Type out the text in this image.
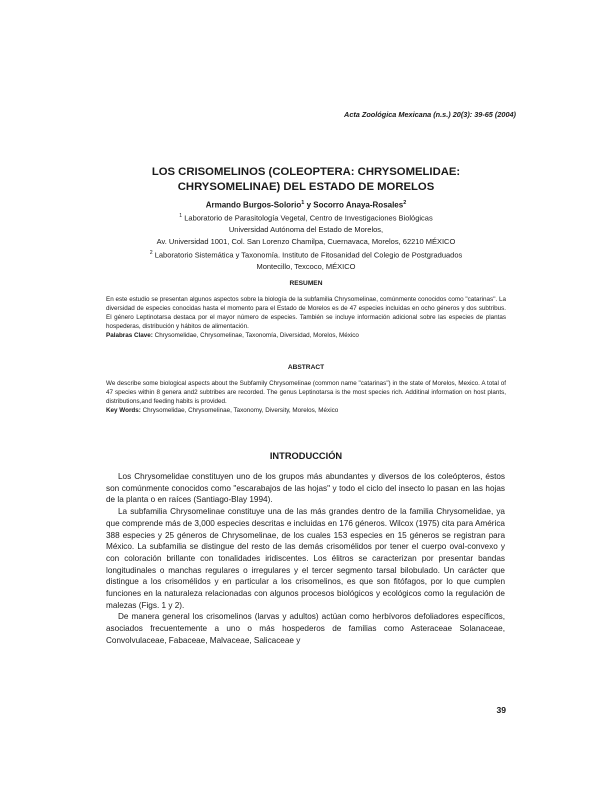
Acta Zoológica Mexicana (n.s.) 20(3): 39-65 (2004)
LOS CRISOMELINOS (COLEOPTERA: CHRYSOMELIDAE:
CHRYSOMELINAE) DEL ESTADO DE MORELOS
Armando Burgos-Solorio$^1$ y Socorro Anaya-Rosales$^2$
$^1$ Laboratorio de Parasitología Vegetal, Centro de Investigaciones Biológicas
Universidad Autónoma del Estado de Morelos,
Av. Universidad 1001, Col. San Lorenzo Chamilpa, Cuernavaca, Morelos, 62210 MÉXICO
$^2$ Laboratorio Sistemática y Taxonomía. Instituto de Fitosanidad del Colegio de Postgraduados
Montecillo, Texcoco, MÉXICO
RESUMEN
En este estudio se presentan algunos aspectos sobre la biología de la subfamilia Chrysomelinae, comúnmente conocidos como "catarinas". La diversidad de especies conocidas hasta el momento para el Estado de Morelos es de 47 especies incluidas en ocho géneros y dos subtribus. El género Leptinotarsa destaca por el mayor número de especies. También se incluye información adicional sobre las especies de plantas hospederas, distribución y hábitos de alimentación.
Palabras Clave: Chrysomelidae, Chrysomelinae, Taxonomía, Diversidad, Morelos, México
ABSTRACT
We describe some biological aspects about the Subfamily Chrysomelinae (common name "catarinas") in the state of Morelos, Mexico. A total of 47 species within 8 genera and2 subtribes are recorded. The genus Leptinotarsa is the most species rich. Additinal information on host plants, distributions,and feeding habits is provided.
Key Words: Chrysomelidae, Chrysomelinae, Taxonomy, Diversity, Morelos, México
INTRODUCCIÓN

Los Chrysomelidae constituyen uno de los grupos más abundantes y diversos de los coleópteros, éstos son comúnmente conocidos como "escarabajos de las hojas" y todo el ciclo del insecto lo pasan en las hojas de la planta o en raíces (Santiago-Blay 1994).

La subfamilia Chrysomelinae constituye una de las más grandes dentro de la familia Chrysomelidae, ya que comprende más de 3,000 especies descritas e incluidas en 176 géneros. Wilcox (1975) cita para América 388 especies y 25 géneros de Chrysomelinae, de los cuales 153 especies en 15 géneros se registran para México. La subfamilia se distingue del resto de las demás crisomélidos por tener el cuerpo oval-convexo y con coloración brillante con tonalidades iridiscentes. Los élitros se caracterizan por presentar bandas longitudinales o manchas regulares o irregulares y el tercer segmento tarsal bilobulado. Un carácter que distingue a los crisomélidos y en particular a los crisomelinos, es que son fitófagos, por lo que cumplen funciones en la naturaleza relacionadas con algunos procesos biológicos y ecológicos como la regulación de malezas (Figs. 1 y 2).

De manera general los crisomelinos (larvas y adultos) actúan como herbívoros defoliadores específicos, asociados frecuentemente a uno o más hospederos de familias como Asteraceae Solanaceae, Convolvulaceae, Fabaceae, Malvaceae, Salicaceae y

39
